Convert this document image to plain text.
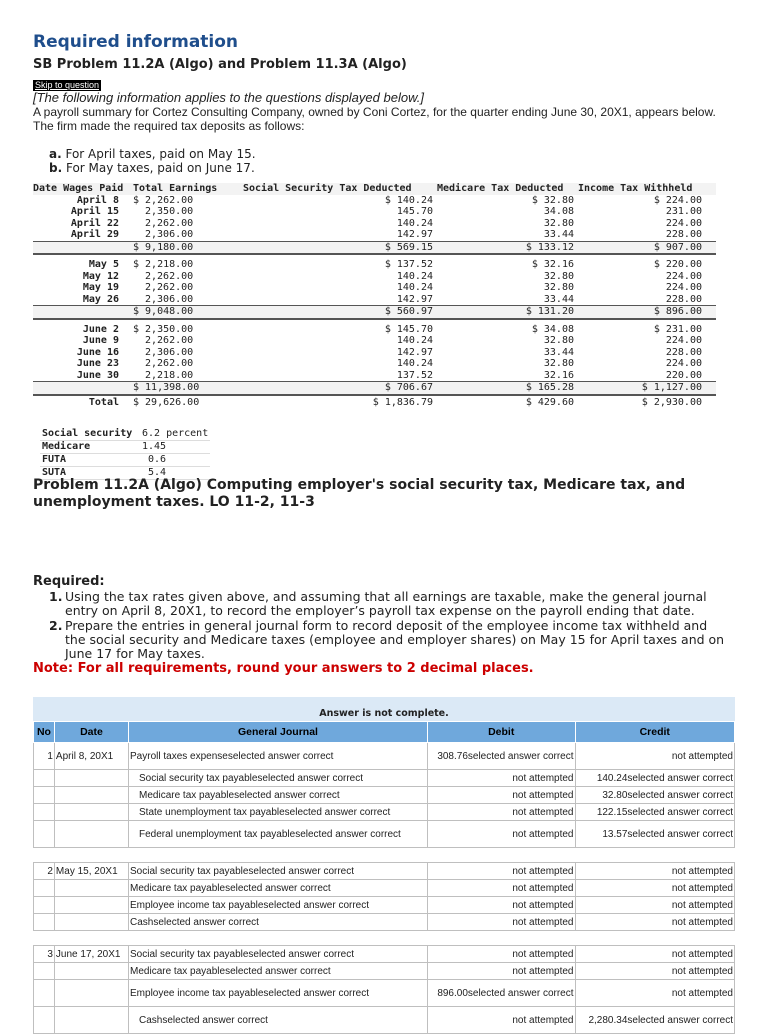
Required information
SB Problem 11.2A (Algo) and Problem 11.3A (Algo)
Skip to question
[The following information applies to the questions displayed below.]
A payroll summary for Cortez Consulting Company, owned by Coni Cortez, for the quarter ending June 30, 20X1, appears below. The firm made the required tax deposits as follows:
a. For April taxes, paid on May 15.
b. For May taxes, paid on June 17.
Date Wages Paid	Total Earnings	Social Security Tax Deducted	Medicare Tax Deducted	Income Tax Withheld
April 8	$ 2,262.00	$ 140.24	$ 32.80	$ 224.00
April 15	2,350.00	145.70	34.08	231.00
April 22	2,262.00	140.24	32.80	224.00
April 29	2,306.00	142.97	33.44	228.00
	$ 9,180.00	$ 569.15	$ 133.12	$ 907.00

May 5	$ 2,218.00	$ 137.52	$ 32.16	$ 220.00
May 12	2,262.00	140.24	32.80	224.00
May 19	2,262.00	140.24	32.80	224.00
May 26	2,306.00	142.97	33.44	228.00
	$ 9,048.00	$ 560.97	$ 131.20	$ 896.00

June 2	$ 2,350.00	$ 145.70	$ 34.08	$ 231.00
June 9	2,262.00	140.24	32.80	224.00
June 16	2,306.00	142.97	33.44	228.00
June 23	2,262.00	140.24	32.80	224.00
June 30	2,218.00	137.52	32.16	220.00
	$ 11,398.00	$ 706.67	$ 165.28	$ 1,127.00
Total	$ 29,626.00	$ 1,836.79	$ 429.60	$ 2,930.00
Social security	6.2 percent
Medicare	1.45
FUTA	0.6
SUTA	5.4
Problem 11.2A (Algo) Computing employer's social security tax, Medicare tax, and unemployment taxes. LO 11-2, 11-3
Required:
1. Using the tax rates given above, and assuming that all earnings are taxable, make the general journal entry on April 8, 20X1, to record the employer’s payroll tax expense on the payroll ending that date.
2. Prepare the entries in general journal form to record deposit of the employee income tax withheld and the social security and Medicare taxes (employee and employer shares) on May 15 for April taxes and on June 17 for May taxes.
Note: For all requirements, round your answers to 2 decimal places.
Answer is not complete.
No	Date	General Journal	Debit	Credit
1	April 8, 20X1	Payroll taxes expenseselected answer correct	308.76selected answer correct	not attempted
		Social security tax payableselected answer correct	not attempted	140.24selected answer correct
		Medicare tax payableselected answer correct	not attempted	32.80selected answer correct
		State unemployment tax payableselected answer correct	not attempted	122.15selected answer correct
		Federal unemployment tax payableselected answer correct	not attempted	13.57selected answer correct

2	May 15, 20X1	Social security tax payableselected answer correct	not attempted	not attempted
		Medicare tax payableselected answer correct	not attempted	not attempted
		Employee income tax payableselected answer correct	not attempted	not attempted
		Cashselected answer correct	not attempted	not attempted

3	June 17, 20X1	Social security tax payableselected answer correct	not attempted	not attempted
		Medicare tax payableselected answer correct	not attempted	not attempted
		Employee income tax payableselected answer correct	896.00selected answer correct	not attempted
		Cashselected answer correct	not attempted	2,280.34selected answer correct
